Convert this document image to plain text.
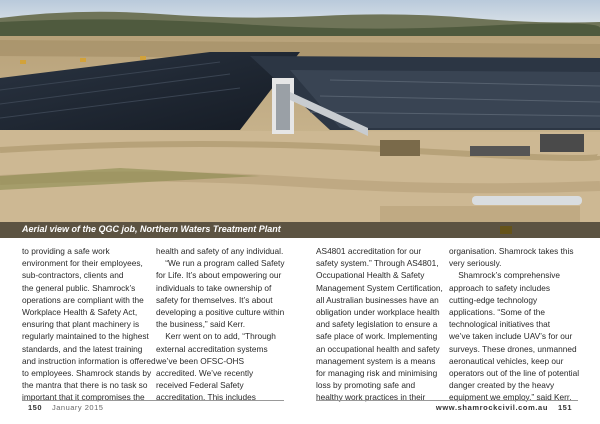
Aerial view of the QGC job, Northern Waters Treatment Plant
to providing a safe work
environment for their employees,
sub-contractors, clients and
the general public. Shamrock’s
operations are compliant with the
Workplace Health & Safety Act,
ensuring that plant machinery is
regularly maintained to the highest
standards, and the latest training
and instruction information is offered
to employees. Shamrock stands by
the mantra that there is no task so
important that it compromises the
health and safety of any individual.
“We run a program called Safety
for Life. It’s about empowering our
individuals to take ownership of
safety for themselves. It’s about
developing a positive culture within
the business,” said Kerr.
Kerr went on to add, “Through
external accreditation systems
we’ve been OFSC-OHS
accredited. We’ve recently
received Federal Safety
accreditation. This includes
AS4801 accreditation for our
safety system.” Through AS4801,
Occupational Health & Safety
Management System Certification,
all Australian businesses have an
obligation under workplace health
and safety legislation to ensure a
safe place of work. Implementing
an occupational health and safety
management system is a means
for managing risk and minimising
loss by promoting safe and
healthy work practices in their
organisation. Shamrock takes this
very seriously.
Shamrock’s comprehensive
approach to safety includes
cutting-edge technology
applications. “Some of the
technological initiatives that
we’ve taken include UAV’s for our
surveys. These drones, unmanned
aeronautical vehicles, keep our
operators out of the line of potential
danger created by the heavy
equipment we employ,” said Kerr.
150 January 2015	www.shamrockcivil.com.au 151
